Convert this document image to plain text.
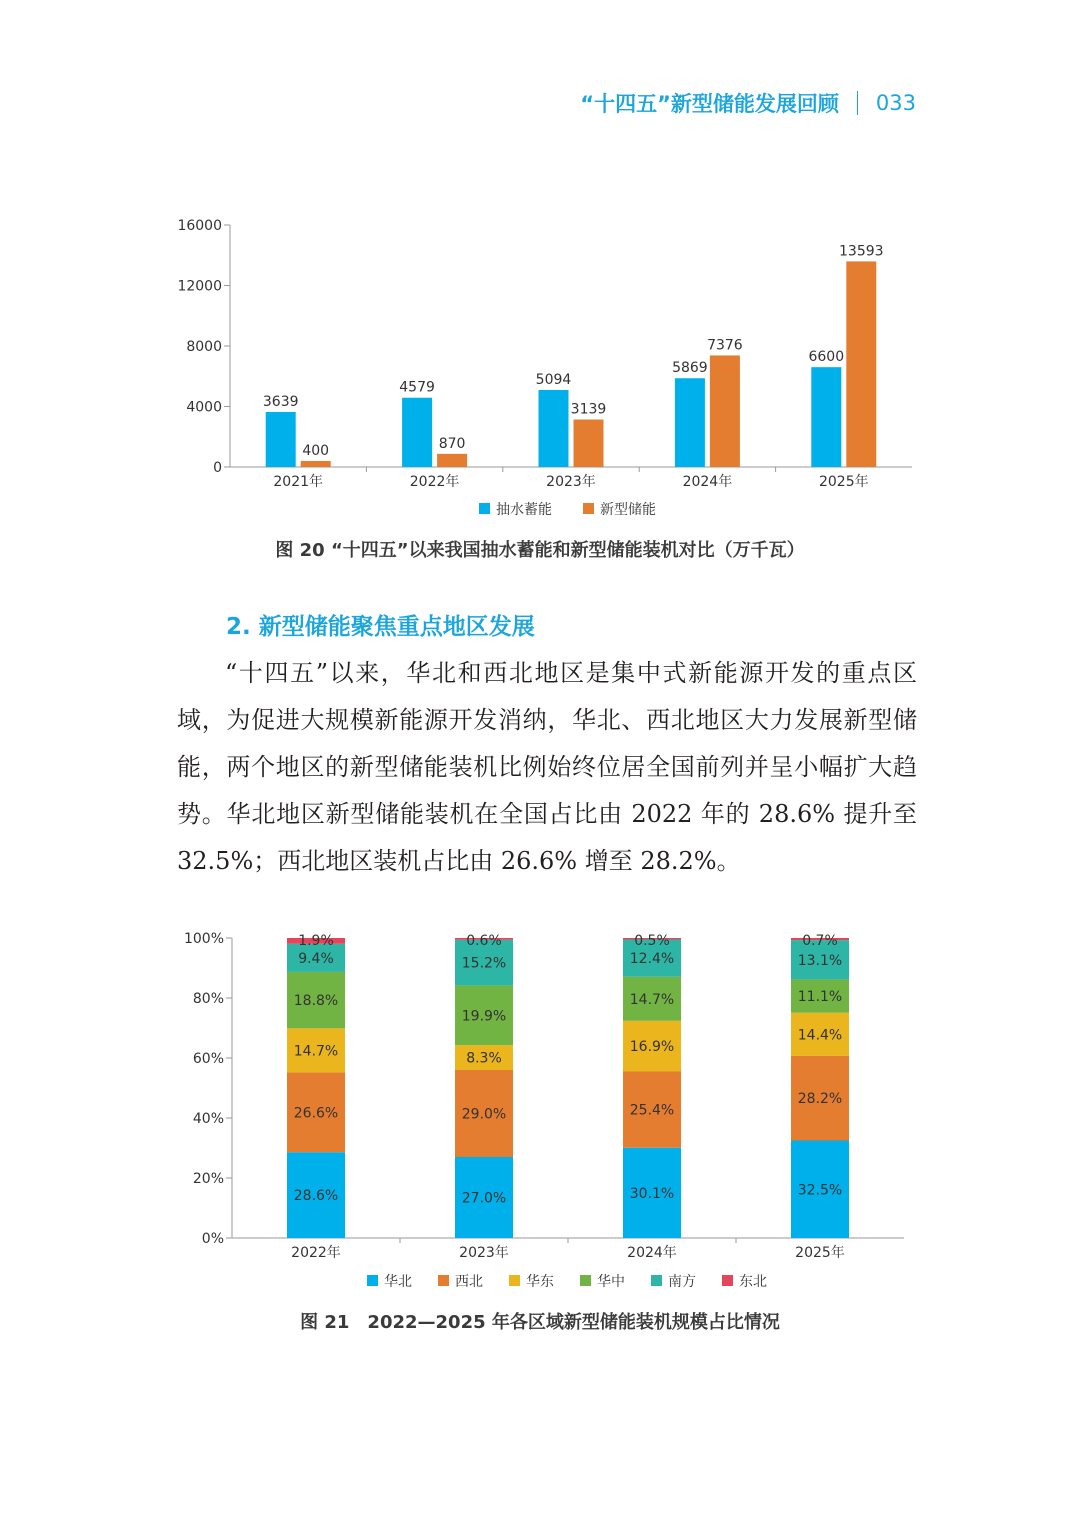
“十四五”新型储能发展回顾 033
0
4000
8000
12000
16000
2021年
3639
400
2022年
4579
870
2023年
5094
3139
2024年
5869
7376
2025年
6600
13593
抽水蓄能	新型储能
图 20 “十四五”以来我国抽水蓄能和新型储能装机对比（万千瓦）
2. 新型储能聚焦重点地区发展
“十四五”以来，华北和西北地区是集中式新能源开发的重点区域，为促进大规模新能源开发消纳，华北、西北地区大力发展新型储能，两个地区的新型储能装机比例始终位居全国前列并呈小幅扩大趋势。华北地区新型储能装机在全国占比由 2022 年的 28.6% 提升至 32.5%；西北地区装机占比由 26.6% 增至 28.2%。
0%
20%
40%
60%
80%
100%
2022年
28.6%
26.6%
14.7%
18.8%
9.4%
1.9%
2023年
27.0%
29.0%
8.3%
19.9%
15.2%
0.6%
2024年
30.1%
25.4%
16.9%
14.7%
12.4%
0.5%
2025年
32.5%
28.2%
14.4%
11.1%
13.1%
0.7%
华北	西北	华东	华中	南方	东北
图 21　2022—2025 年各区域新型储能装机规模占比情况
